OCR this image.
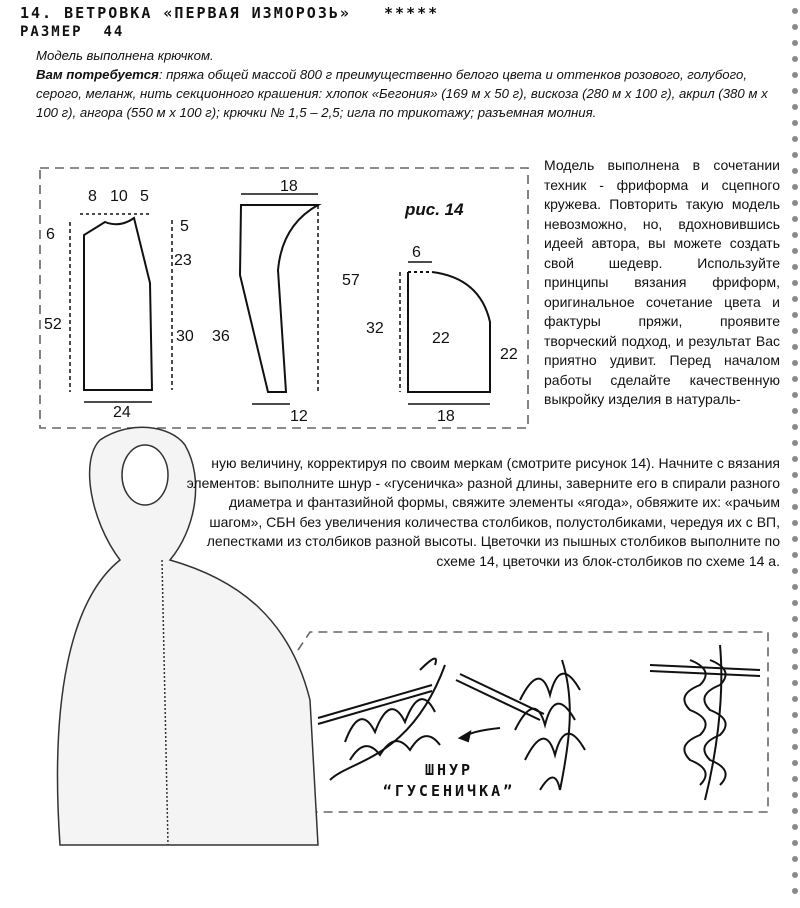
14. ВЕТРОВКА «ПЕРВАЯ ИЗМОРОЗЬ» *****
РАЗМЕР 44
Модель выполнена крючком.
Вам потребуется: пряжа общей массой 800 г преимущественно белого цвета и оттенков розового, голубого, серого, меланж, нить секционного крашения: хлопок «Бегония» (169 м х 50 г), вискоза (280 м х 100 г), акрил (380 м х 100 г), ангора (550 м х 100 г); крючки № 1,5 – 2,5; игла по трикотажу; разъемная молния.
рис. 14
8 10 5
6	5
23
52
30
24
18
57
36
12
6
32
22
22
18
Модель выполнена в сочетании техник - фриформа и сцепного кружева. Повторить такую модель невозможно, но, вдохновившись идеей автора, вы можете создать свой шедевр. Используйте принципы вязания фриформ, оригинальное сочетание цвета и фактуры пряжи, проявите творческий подход, и результат Вас приятно удивит. Перед началом работы сделайте качественную выкройку изделия в натураль-
ную величину, корректируя по своим меркам (смотрите рисунок 14). Начните с вязания элементов: выполните шнур - «гусеничка» разной длины, заверните его в спирали разного диаметра и фантазийной формы, свяжите элементы «ягода», обвяжите их: «рачьим шагом», СБН без увеличения количества столбиков, полустолбиками, чередуя их с ВП, лепестками из столбиков разной высоты. Цветочки из пышных столбиков выполните по схеме 14, цветочки из блок-столбиков по схеме 14 а.
ШНУР
“ГУСЕНИЧКА”
